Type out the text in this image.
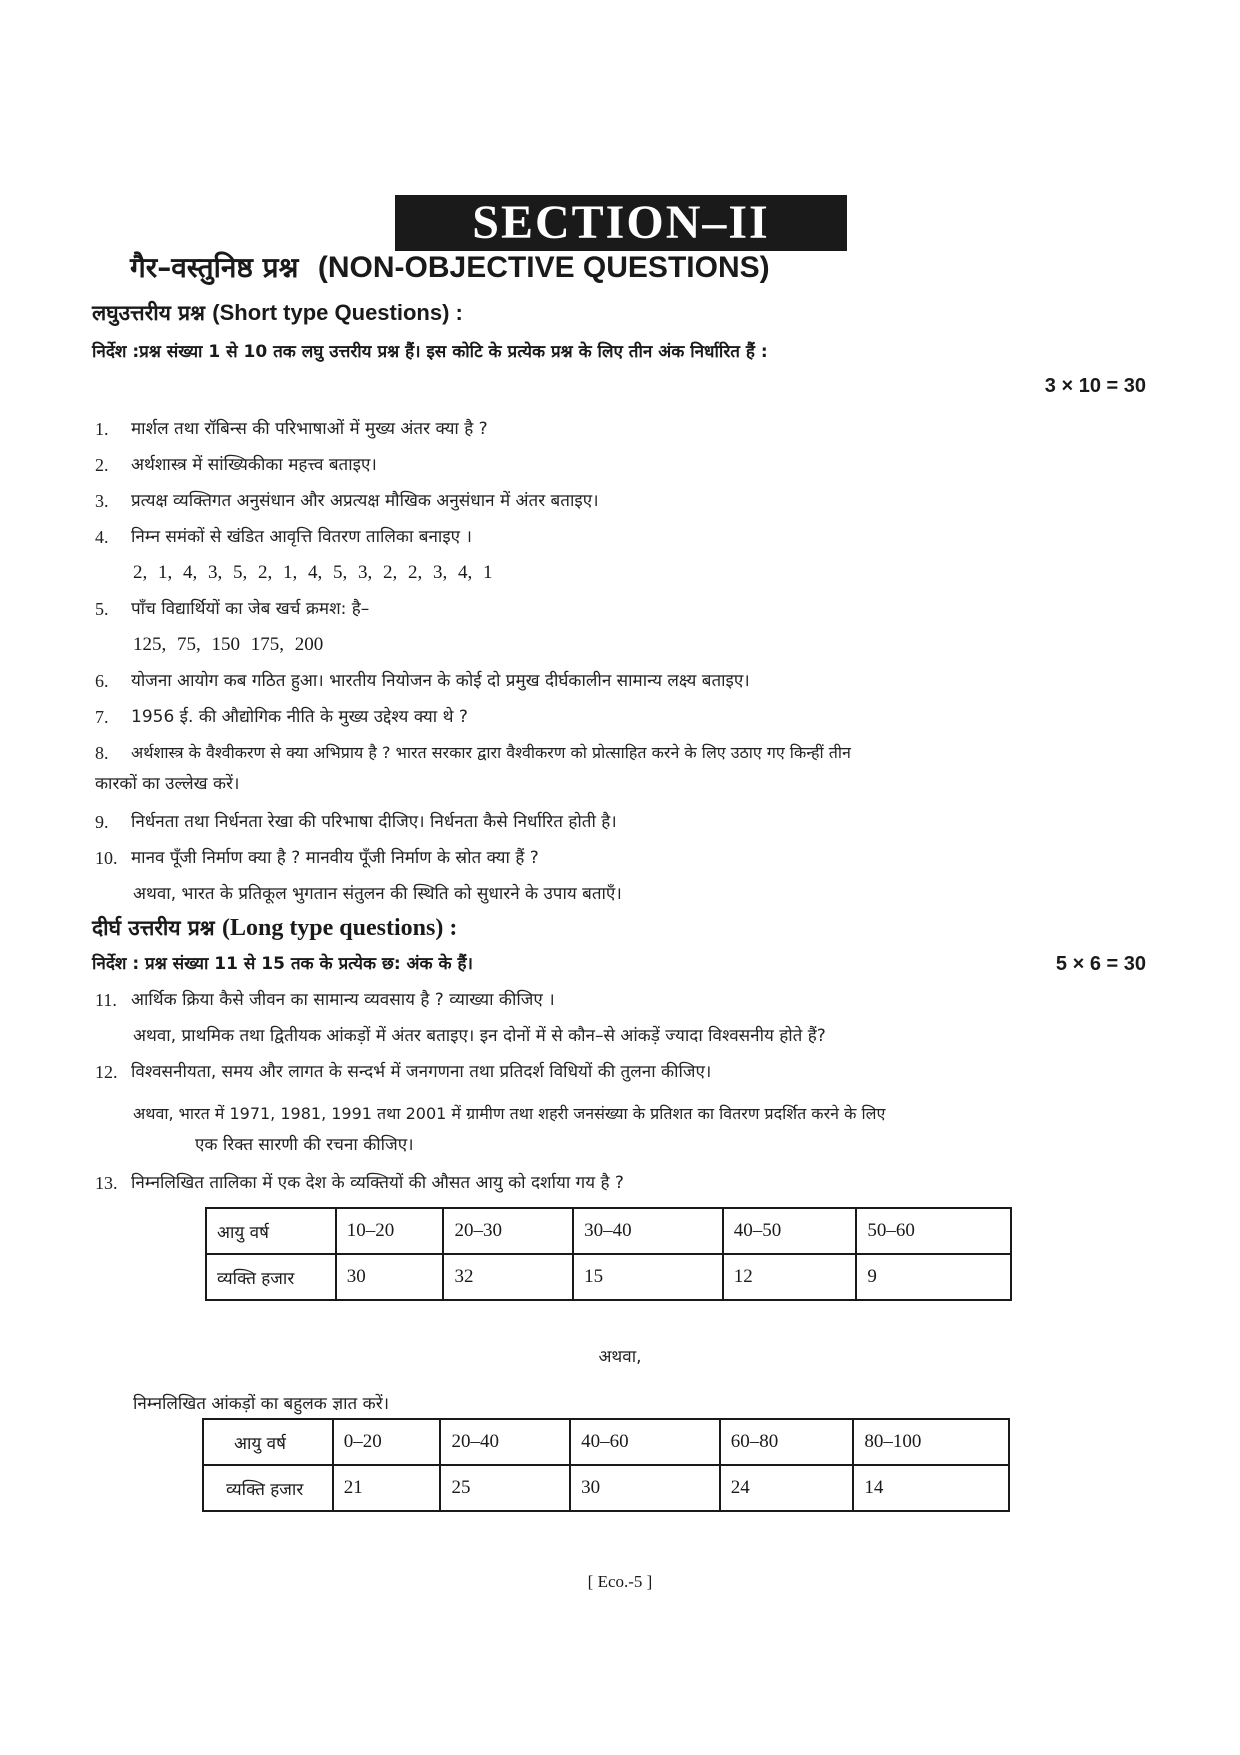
SECTION–II
गैर–वस्तुनिष्ठ प्रश्न (NON-OBJECTIVE QUESTIONS)
लघुउत्तरीय प्रश्न (Short type Questions) :
निर्देश :प्रश्न संख्या 1 से 10 तक लघु उत्तरीय प्रश्न हैं। इस कोटि के प्रत्येक प्रश्न के लिए तीन अंक निर्धारित हैं :
3 × 10 = 30
1. मार्शल तथा रॉबिन्स की परिभाषाओं में मुख्य अंतर क्या है ?
2. अर्थशास्त्र में सांख्यिकीका महत्त्व बताइए।
3. प्रत्यक्ष व्यक्तिगत अनुसंधान और अप्रत्यक्ष मौखिक अनुसंधान में अंतर बताइए।
4. निम्न समंकों से खंडित आवृत्ति वितरण तालिका बनाइए ।
2, 1, 4, 3, 5, 2, 1, 4, 5, 3, 2, 2, 3, 4, 1
5. पाँच विद्यार्थियों का जेब खर्च क्रमश: है–
125, 75, 150 175, 200
6. योजना आयोग कब गठित हुआ। भारतीय नियोजन के कोई दो प्रमुख दीर्घकालीन सामान्य लक्ष्य बताइए।
7. 1956 ई. की औद्योगिक नीति के मुख्य उद्देश्य क्या थे ?
8. अर्थशास्त्र के वैश्वीकरण से क्या अभिप्राय है ? भारत सरकार द्वारा वैश्वीकरण को प्रोत्साहित करने के लिए उठाए गए किन्हीं तीन
कारकों का उल्लेख करें।
9. निर्धनता तथा निर्धनता रेखा की परिभाषा दीजिए। निर्धनता कैसे निर्धारित होती है।
10. मानव पूँजी निर्माण क्या है ? मानवीय पूँजी निर्माण के स्रोत क्या हैं ?
अथवा, भारत के प्रतिकूल भुगतान संतुलन की स्थिति को सुधारने के उपाय बताएँ।
दीर्घ उत्तरीय प्रश्न (Long type questions) :
निर्देश : प्रश्न संख्या 11 से 15 तक के प्रत्येक छ: अंक के हैं।	5 × 6 = 30
11. आर्थिक क्रिया कैसे जीवन का सामान्य व्यवसाय है ? व्याख्या कीजिए ।
अथवा, प्राथमिक तथा द्वितीयक आंकड़ों में अंतर बताइए। इन दोनों में से कौन–से आंकड़ें ज्यादा विश्वसनीय होते हैं?
12. विश्वसनीयता, समय और लागत के सन्दर्भ में जनगणना तथा प्रतिदर्श विधियों की तुलना कीजिए।
अथवा, भारत में 1971, 1981, 1991 तथा 2001 में ग्रामीण तथा शहरी जनसंख्या के प्रतिशत का वितरण प्रदर्शित करने के लिए
एक रिक्त सारणी की रचना कीजिए।
13. निम्नलिखित तालिका में एक देश के व्यक्तियों की औसत आयु को दर्शाया गय है ?
आयु वर्ष	10–20	20–30	30–40	40–50	50–60
व्यक्ति हजार	30	32	15	12	9
अथवा,
निम्नलिखित आंकड़ों का बहुलक ज्ञात करें।
आयु वर्ष	0–20	20–40	40–60	60–80	80–100
व्यक्ति हजार	21	25	30	24	14
[ Eco.-5 ]
